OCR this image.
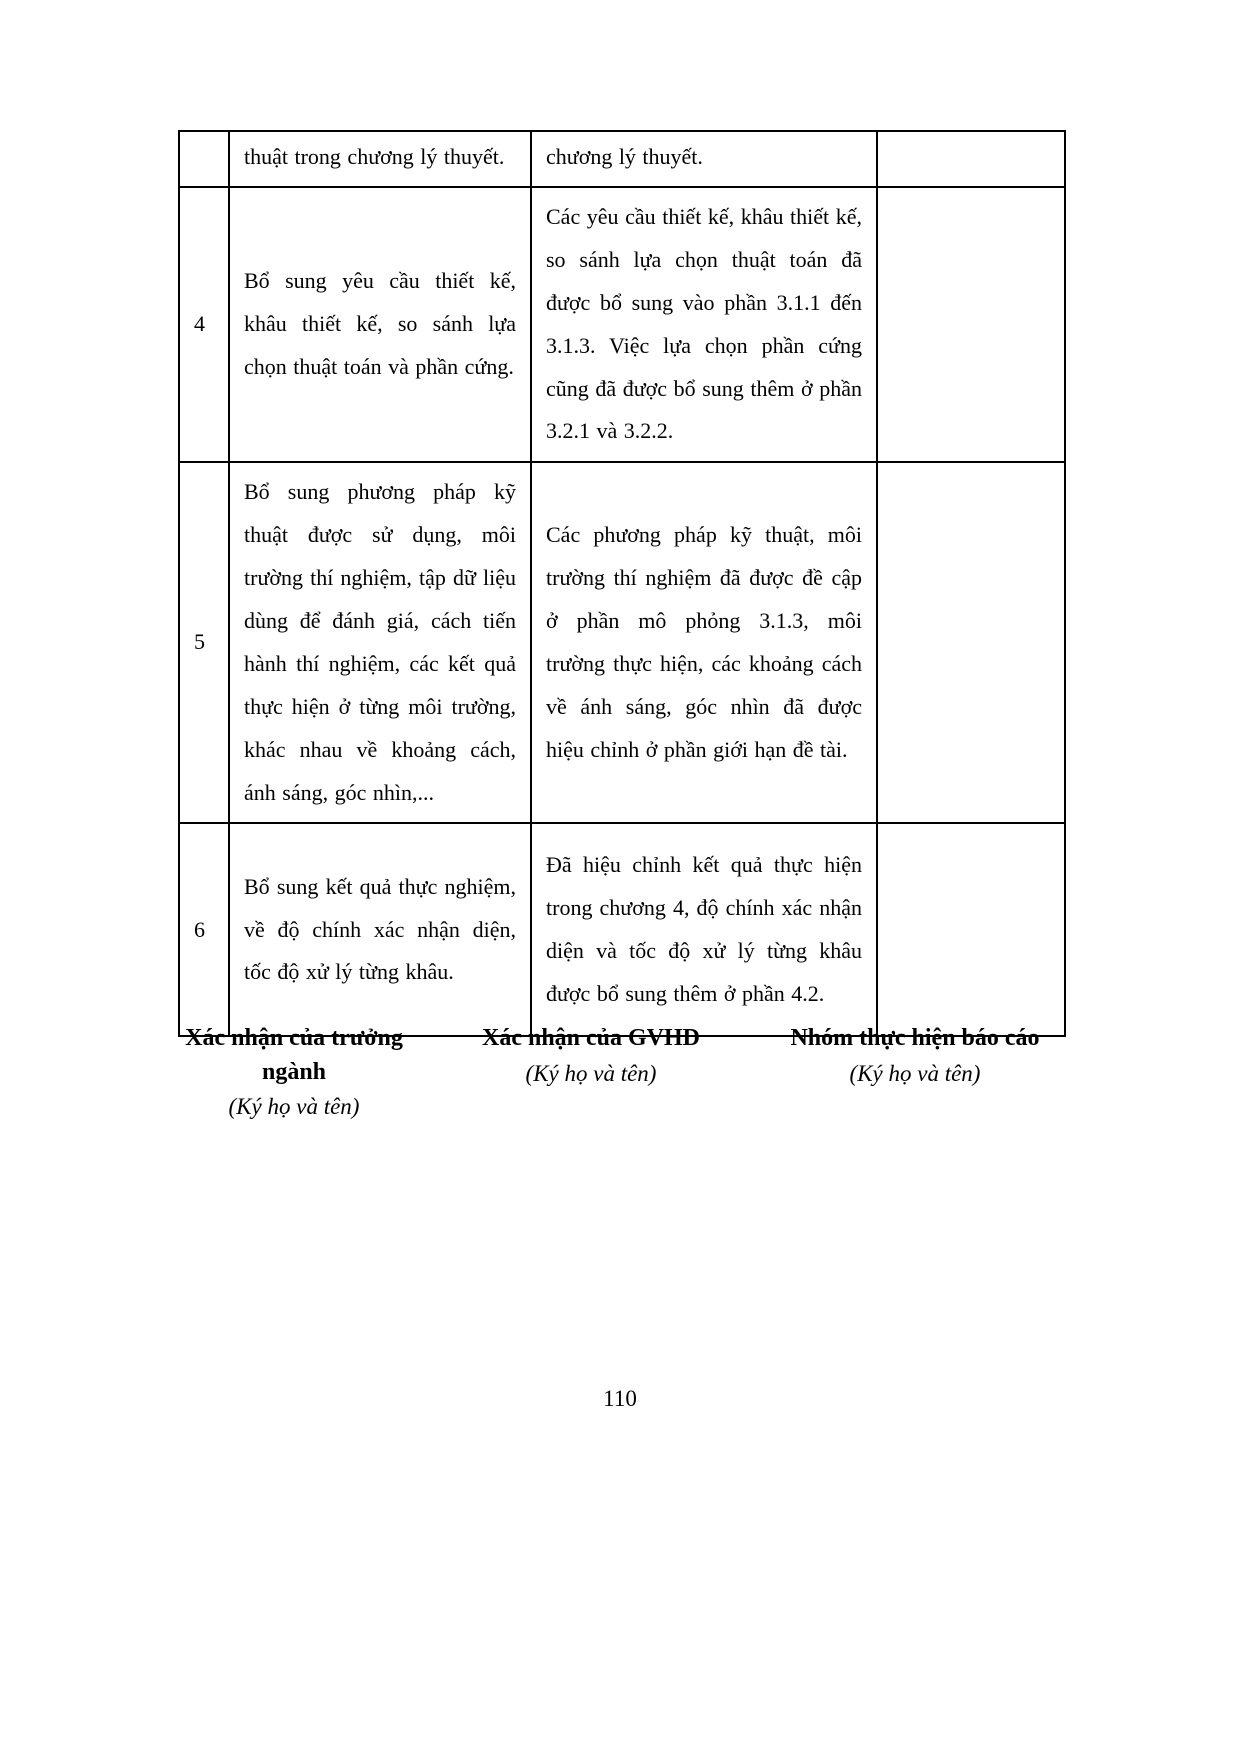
	thuật trong chương lý thuyết.	chương lý thuyết.	
4	Bổ sung yêu cầu thiết kế, khâu thiết kế, so sánh lựa chọn thuật toán và phần cứng.	Các yêu cầu thiết kế, khâu thiết kế, so sánh lựa chọn thuật toán đã được bổ sung vào phần 3.1.1 đến 3.1.3. Việc lựa chọn phần cứng cũng đã được bổ sung thêm ở phần 3.2.1 và 3.2.2.	
5	Bổ sung phương pháp kỹ thuật được sử dụng, môi trường thí nghiệm, tập dữ liệu dùng để đánh giá, cách tiến hành thí nghiệm, các kết quả thực hiện ở từng môi trường, khác nhau về khoảng cách, ánh sáng, góc nhìn,...	Các phương pháp kỹ thuật, môi trường thí nghiệm đã được đề cập ở phần mô phỏng 3.1.3, môi trường thực hiện, các khoảng cách về ánh sáng, góc nhìn đã được hiệu chỉnh ở phần giới hạn đề tài.	
6	Bổ sung kết quả thực nghiệm, về độ chính xác nhận diện, tốc độ xử lý từng khâu.	Đã hiệu chỉnh kết quả thực hiện trong chương 4, độ chính xác nhận diện và tốc độ xử lý từng khâu được bổ sung thêm ở phần 4.2.	
Xác nhận của trưởng ngành
(Ký họ và tên)
Xác nhận của GVHD
(Ký họ và tên)
Nhóm thực hiện báo cáo
(Ký họ và tên)
110
